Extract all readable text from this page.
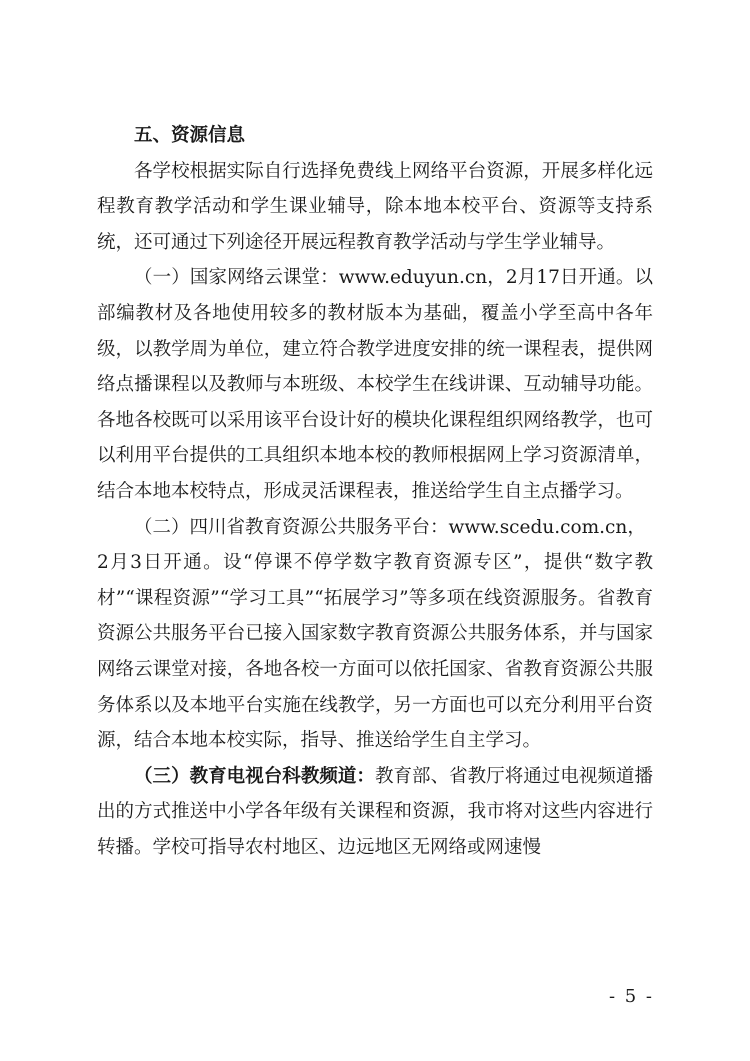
五、资源信息

各学校根据实际自行选择免费线上网络平台资源，开展多样化远程教育教学活动和学生课业辅导，除本地本校平台、资源等支持系统，还可通过下列途径开展远程教育教学活动与学生学业辅导。

（一）国家网络云课堂：www.eduyun.cn，2月17日开通。以部编教材及各地使用较多的教材版本为基础，覆盖小学至高中各年级，以教学周为单位，建立符合教学进度安排的统一课程表，提供网络点播课程以及教师与本班级、本校学生在线讲课、互动辅导功能。各地各校既可以采用该平台设计好的模块化课程组织网络教学，也可以利用平台提供的工具组织本地本校的教师根据网上学习资源清单，结合本地本校特点，形成灵活课程表，推送给学生自主点播学习。

（二）四川省教育资源公共服务平台：www.scedu.com.cn，
2月3日开通。设“停课不停学数字教育资源专区”，提供“数字教材”“课程资源”“学习工具”“拓展学习”等多项在线资源服务。省教育资源公共服务平台已接入国家数字教育资源公共服务体系，并与国家网络云课堂对接，各地各校一方面可以依托国家、省教育资源公共服务体系以及本地平台实施在线教学，另一方面也可以充分利用平台资源，结合本地本校实际，指导、推送给学生自主学习。

（三）教育电视台科教频道：教育部、省教厅将通过电视频道播出的方式推送中小学各年级有关课程和资源，我市将对这些内容进行转播。学校可指导农村地区、边远地区无网络或网速慢

- 5 -
